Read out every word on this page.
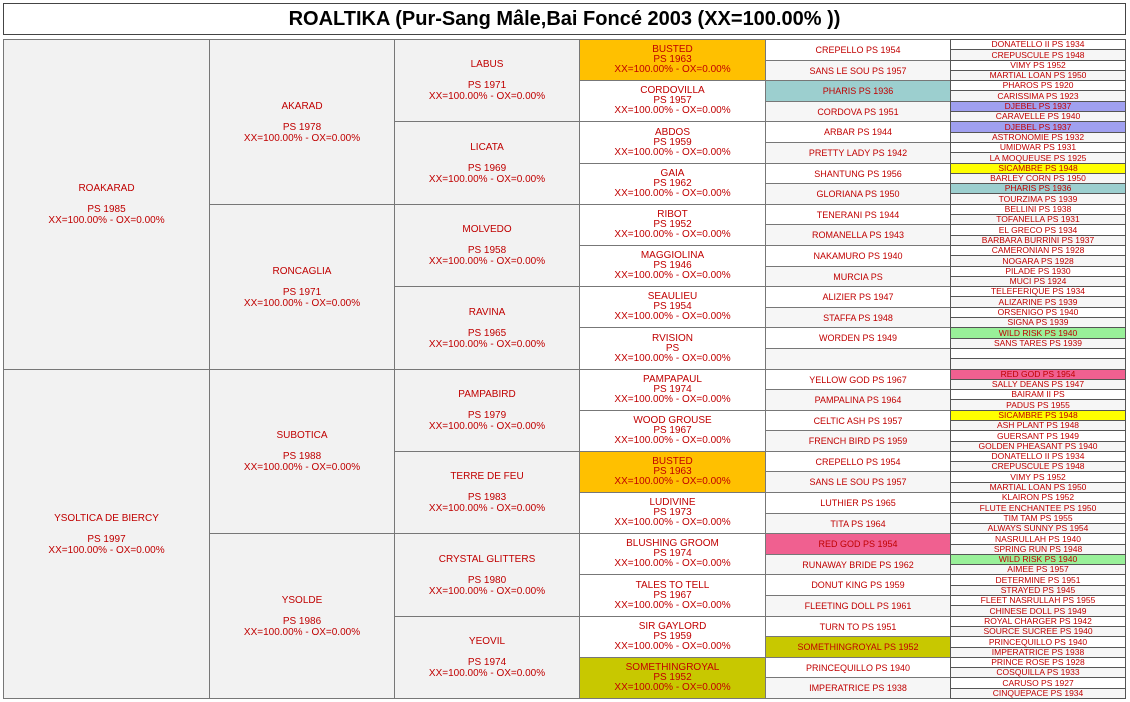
ROALTIKA (Pur-Sang Mâle,Bai Foncé 2003 (XX=100.00% ))
ROAKARAD
PS 1985
XX=100.00% - OX=0.00%
YSOLTICA DE BIERCY
PS 1997
XX=100.00% - OX=0.00%
AKARAD
PS 1978
XX=100.00% - OX=0.00%
RONCAGLIA
PS 1971
XX=100.00% - OX=0.00%
SUBOTICA
PS 1988
XX=100.00% - OX=0.00%
YSOLDE
PS 1986
XX=100.00% - OX=0.00%
LABUS
PS 1971
XX=100.00% - OX=0.00%
LICATA
PS 1969
XX=100.00% - OX=0.00%
MOLVEDO
PS 1958
XX=100.00% - OX=0.00%
RAVINA
PS 1965
XX=100.00% - OX=0.00%
PAMPABIRD
PS 1979
XX=100.00% - OX=0.00%
TERRE DE FEU
PS 1983
XX=100.00% - OX=0.00%
CRYSTAL GLITTERS
PS 1980
XX=100.00% - OX=0.00%
YEOVIL
PS 1974
XX=100.00% - OX=0.00%
BUSTED
PS 1963
XX=100.00% - OX=0.00%
CORDOVILLA
PS 1957
XX=100.00% - OX=0.00%
ABDOS
PS 1959
XX=100.00% - OX=0.00%
GAIA
PS 1962
XX=100.00% - OX=0.00%
RIBOT
PS 1952
XX=100.00% - OX=0.00%
MAGGIOLINA
PS 1946
XX=100.00% - OX=0.00%
SEAULIEU
PS 1954
XX=100.00% - OX=0.00%
RVISION
PS
XX=100.00% - OX=0.00%
PAMPAPAUL
PS 1974
XX=100.00% - OX=0.00%
WOOD GROUSE
PS 1967
XX=100.00% - OX=0.00%
BUSTED
PS 1963
XX=100.00% - OX=0.00%
LUDIVINE
PS 1973
XX=100.00% - OX=0.00%
BLUSHING GROOM
PS 1974
XX=100.00% - OX=0.00%
TALES TO TELL
PS 1967
XX=100.00% - OX=0.00%
SIR GAYLORD
PS 1959
XX=100.00% - OX=0.00%
SOMETHINGROYAL
PS 1952
XX=100.00% - OX=0.00%
CREPELLO PS 1954
SANS LE SOU PS 1957
PHARIS PS 1936
CORDOVA PS 1951
ARBAR PS 1944
PRETTY LADY PS 1942
SHANTUNG PS 1956
GLORIANA PS 1950
TENERANI PS 1944
ROMANELLA PS 1943
NAKAMURO PS 1940
MURCIA PS
ALIZIER PS 1947
STAFFA PS 1948
WORDEN PS 1949
YELLOW GOD PS 1967
PAMPALINA PS 1964
CELTIC ASH PS 1957
FRENCH BIRD PS 1959
CREPELLO PS 1954
SANS LE SOU PS 1957
LUTHIER PS 1965
TITA PS 1964
RED GOD PS 1954
RUNAWAY BRIDE PS 1962
DONUT KING PS 1959
FLEETING DOLL PS 1961
TURN TO PS 1951
SOMETHINGROYAL PS 1952
PRINCEQUILLO PS 1940
IMPERATRICE PS 1938
DONATELLO II PS 1934
CREPUSCULE PS 1948
VIMY PS 1952
MARTIAL LOAN PS 1950
PHAROS PS 1920
CARISSIMA PS 1923
DJEBEL PS 1937
CARAVELLE PS 1940
DJEBEL PS 1937
ASTRONOMIE PS 1932
UMIDWAR PS 1931
LA MOQUEUSE PS 1925
SICAMBRE PS 1948
BARLEY CORN PS 1950
PHARIS PS 1936
TOURZIMA PS 1939
BELLINI PS 1938
TOFANELLA PS 1931
EL GRECO PS 1934
BARBARA BURRINI PS 1937
CAMERONIAN PS 1928
NOGARA PS 1928
PILADE PS 1930
MUCI PS 1924
TELEFERIQUE PS 1934
ALIZARINE PS 1939
ORSENIGO PS 1940
SIGNA PS 1939
WILD RISK PS 1940
SANS TARES PS 1939
RED GOD PS 1954
SALLY DEANS PS 1947
BAIRAM II PS
PADUS PS 1955
SICAMBRE PS 1948
ASH PLANT PS 1948
GUERSANT PS 1949
GOLDEN PHEASANT PS 1940
DONATELLO II PS 1934
CREPUSCULE PS 1948
VIMY PS 1952
MARTIAL LOAN PS 1950
KLAIRON PS 1952
FLUTE ENCHANTEE PS 1950
TIM TAM PS 1955
ALWAYS SUNNY PS 1954
NASRULLAH PS 1940
SPRING RUN PS 1948
WILD RISK PS 1940
AIMEE PS 1957
DETERMINE PS 1951
STRAYED PS 1945
FLEET NASRULLAH PS 1955
CHINESE DOLL PS 1949
ROYAL CHARGER PS 1942
SOURCE SUCREE PS 1940
PRINCEQUILLO PS 1940
IMPERATRICE PS 1938
PRINCE ROSE PS 1928
COSQUILLA PS 1933
CARUSO PS 1927
CINQUEPACE PS 1934
